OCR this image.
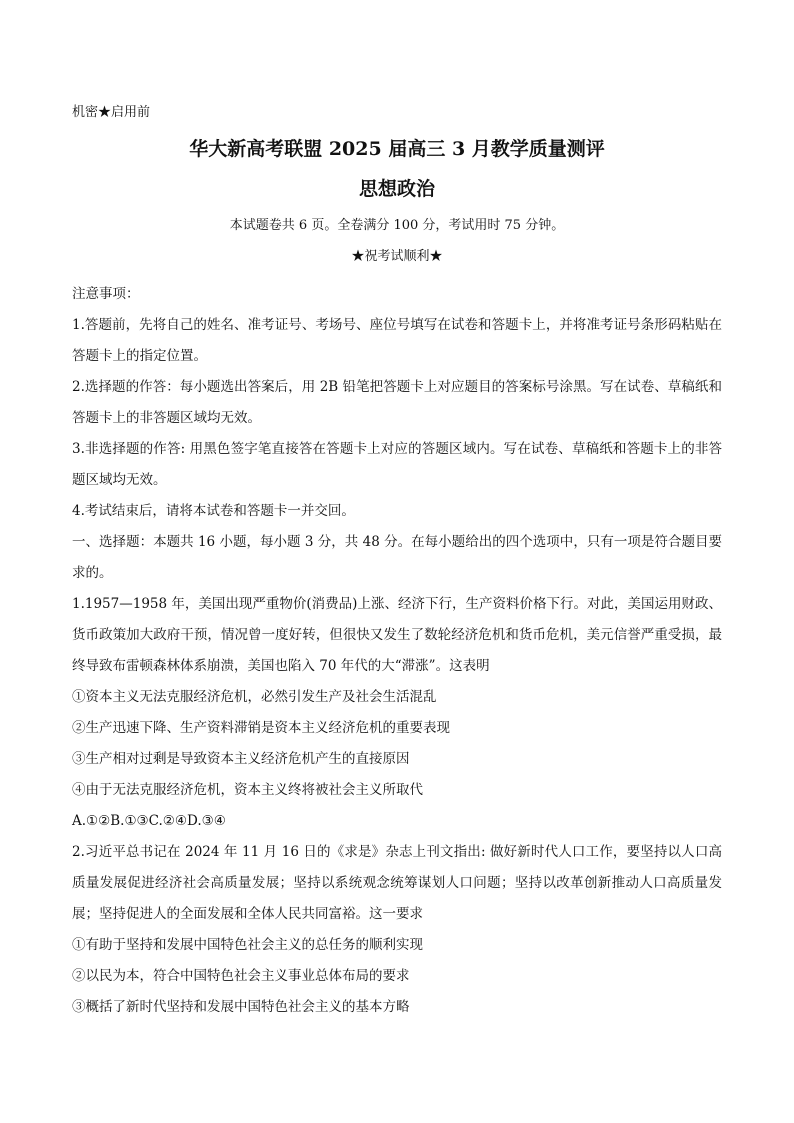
机密★启用前
华大新高考联盟 2025 届高三 3 月教学质量测评
思想政治
本试题卷共 6 页。全卷满分 100 分，考试用时 75 分钟。
★祝考试顺利★

注意事项：

1.答题前，先将自己的姓名、准考证号、考场号、座位号填写在试卷和答题卡上，并将准考证号条形码粘贴在答题卡上的指定位置。

2.选择题的作答：每小题选出答案后，用 2B 铅笔把答题卡上对应题目的答案标号涂黑。写在试卷、草稿纸和答题卡上的非答题区域均无效。

3.非选择题的作答: 用黑色签字笔直接答在答题卡上对应的答题区域内。写在试卷、草稿纸和答题卡上的非答题区域均无效。

4.考试结束后，请将本试卷和答题卡一并交回。

一、选择题：本题共 16 小题，每小题 3 分，共 48 分。在每小题给出的四个选项中，只有一项是符合题目要求的。

1.1957—1958 年，美国出现严重物价(消费品)上涨、经济下行，生产资料价格下行。对此，美国运用财政、货币政策加大政府干预，情况曾一度好转，但很快又发生了数轮经济危机和货币危机，美元信誉严重受损，最终导致布雷顿森林体系崩溃，美国也陷入 70 年代的大“滞涨”。这表明

①资本主义无法克服经济危机，必然引发生产及社会生活混乱

②生产迅速下降、生产资料滞销是资本主义经济危机的重要表现

③生产相对过剩是导致资本主义经济危机产生的直接原因

④由于无法克服经济危机，资本主义终将被社会主义所取代

A.①②B.①③C.②④D.③④

2.习近平总书记在 2024 年 11 月 16 日的《求是》杂志上刊文指出: 做好新时代人口工作，要坚持以人口高质量发展促进经济社会高质量发展；坚持以系统观念统筹谋划人口问题；坚持以改革创新推动人口高质量发展；坚持促进人的全面发展和全体人民共同富裕。这一要求

①有助于坚持和发展中国特色社会主义的总任务的顺利实现

②以民为本，符合中国特色社会主义事业总体布局的要求

③概括了新时代坚持和发展中国特色社会主义的基本方略
